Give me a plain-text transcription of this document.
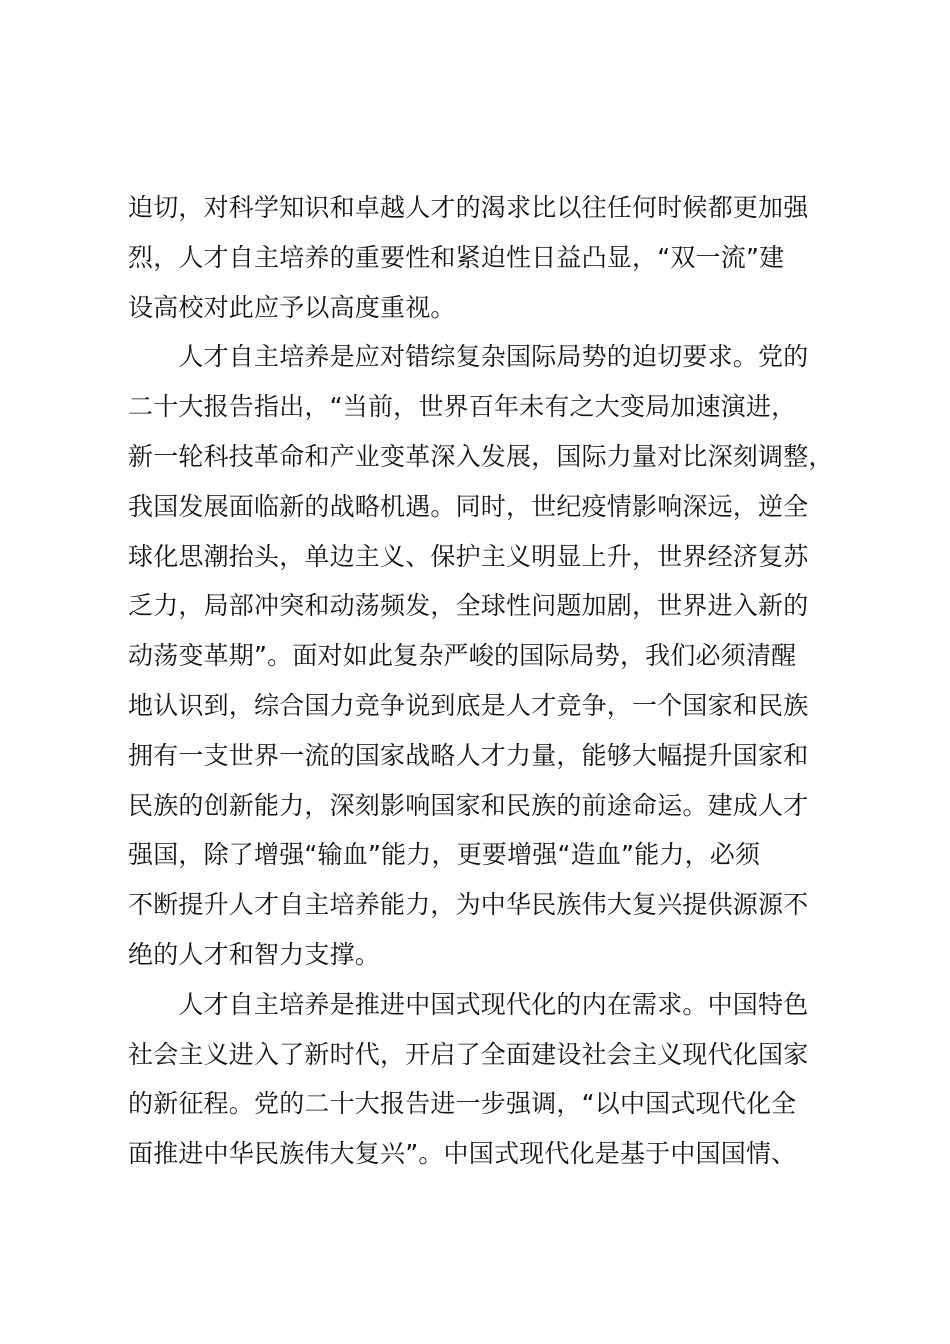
迫切，对科学知识和卓越人才的渴求比以往任何时候都更加强
烈，人才自主培养的重要性和紧迫性日益凸显，“双一流”建
设高校对此应予以高度重视。

　　人才自主培养是应对错综复杂国际局势的迫切要求。党的
二十大报告指出，“当前，世界百年未有之大变局加速演进，
新一轮科技革命和产业变革深入发展，国际力量对比深刻调整，
我国发展面临新的战略机遇。同时，世纪疫情影响深远，逆全
球化思潮抬头，单边主义、保护主义明显上升，世界经济复苏
乏力，局部冲突和动荡频发，全球性问题加剧，世界进入新的
动荡变革期”。面对如此复杂严峻的国际局势，我们必须清醒
地认识到，综合国力竞争说到底是人才竞争，一个国家和民族
拥有一支世界一流的国家战略人才力量，能够大幅提升国家和
民族的创新能力，深刻影响国家和民族的前途命运。建成人才
强国，除了增强“输血”能力，更要增强“造血”能力，必须
不断提升人才自主培养能力，为中华民族伟大复兴提供源源不
绝的人才和智力支撑。

　　人才自主培养是推进中国式现代化的内在需求。中国特色
社会主义进入了新时代，开启了全面建设社会主义现代化国家
的新征程。党的二十大报告进一步强调，“以中国式现代化全
面推进中华民族伟大复兴”。中国式现代化是基于中国国情、
